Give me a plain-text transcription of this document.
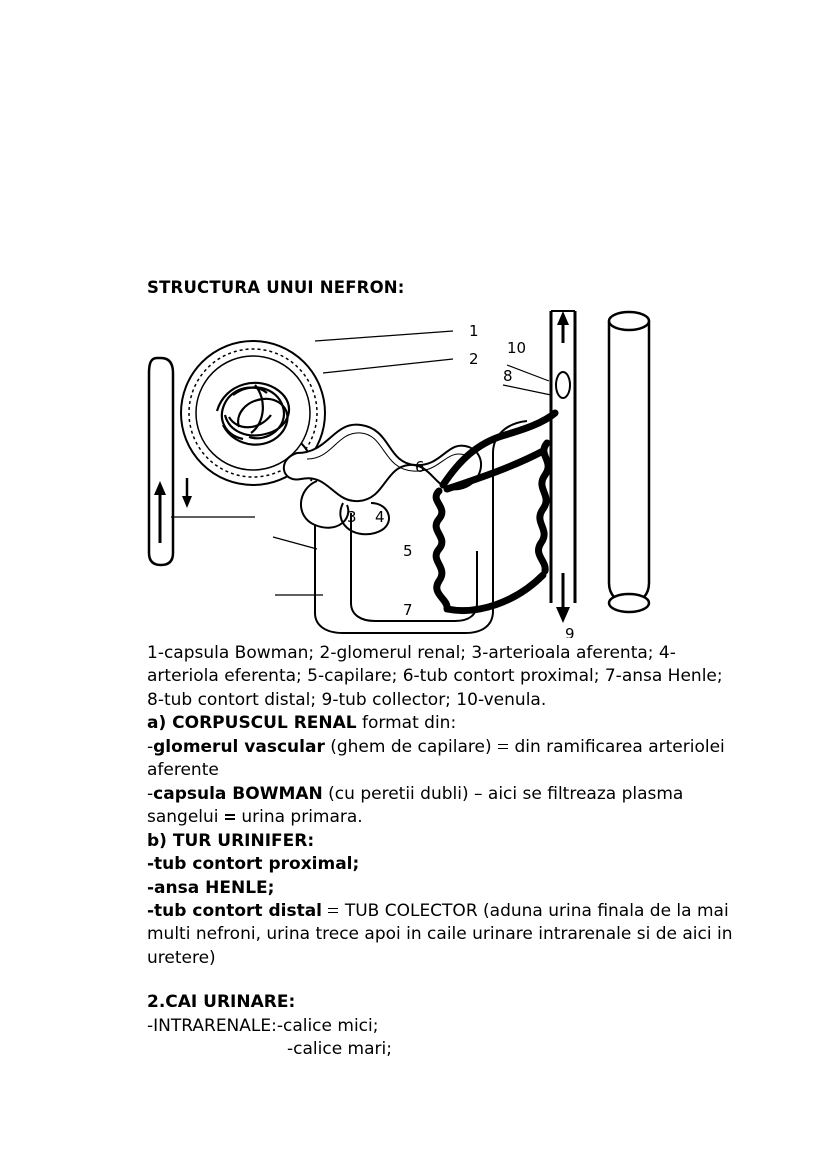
STRUCTURA UNUI NEFRON:

1
2
10
8
6
3 4
5
7
9

1-capsula Bowman; 2-glomerul renal; 3-arterioala aferenta; 4-arteriola eferenta; 5-capilare; 6-tub contort proximal; 7-ansa Henle; 8-tub contort distal; 9-tub collector; 10-venula.

a) CORPUSCUL RENAL format din:

-glomerul vascular (ghem de capilare)  din ramificarea arteriolei aferente

-capsula BOWMAN (cu peretii dubli) – aici se filtreaza plasma sangelui  urina primara.

b) TUR URINIFER:

-tub contort proximal;

-ansa HENLE;

-tub contort distal  TUB COLECTOR (aduna urina finala de la mai multi nefroni, urina trece apoi in caile urinare intrarenale si de aici in uretere)

2.CAI URINARE:

-INTRARENALE:-calice mici;

-calice mari;
